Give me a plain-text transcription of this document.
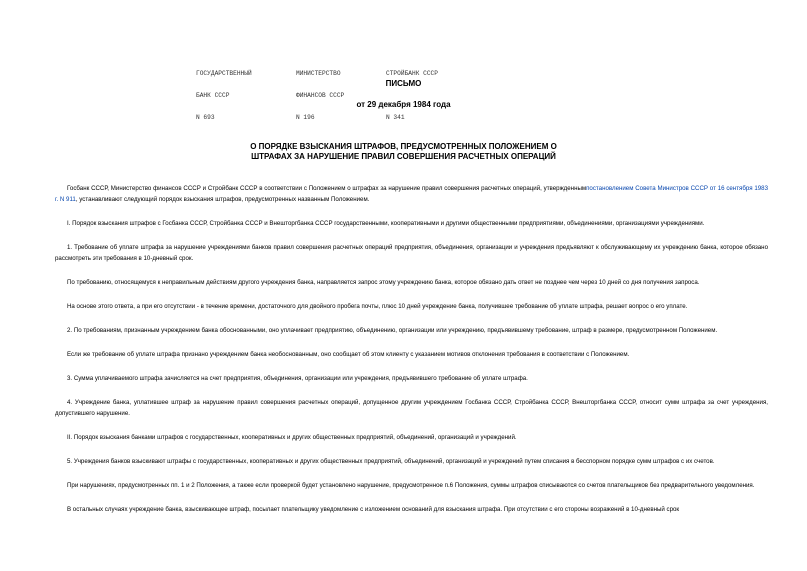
ГОСУДАРСТВЕННЫЙ

БАНК СССР

N 693

МИНИСТЕРСТВО

ФИНАНСОВ СССР

N 196

СТРОЙБАНК СССР

N 341

ПИСЬМО
от 29 декабря 1984 года
О ПОРЯДКЕ ВЗЫСКАНИЯ ШТРАФОВ, ПРЕДУСМОТРЕННЫХ ПОЛОЖЕНИЕМ О
ШТРАФАХ ЗА НАРУШЕНИЕ ПРАВИЛ СОВЕРШЕНИЯ РАСЧЕТНЫХ ОПЕРАЦИЙ

Госбанк СССР, Министерство финансов СССР и Стройбанк СССР в соответствии с Положением о штрафах за нарушение правил совершения расчетных операций, утвержденнымпостановлением Совета Министров СССР от 16 сентября 1983 г. N 911, устанавливают следующий порядок взыскания штрафов, предусмотренных названным Положением.

I. Порядок взыскания штрафов с Госбанка СССР, Стройбанка СССР и Внешторгбанка СССР государственными, кооперативными и другими общественными предприятиями, объединениями, организациями учреждениями.

1. Требование об уплате штрафа за нарушение учреждениями банков правил совершения расчетных операций предприятия, объединения, организации и учреждения предъявляют к обслуживающему их учреждению банка, которое обязано рассмотреть эти требования в 10-дневный срок.

По требованию, относящемуся к неправильным действиям другого учреждения банка, направляется запрос этому учреждению банка, которое обязано дать ответ не позднее чем через 10 дней со дня получения запроса.

На основе этого ответа, а при его отсутствии - в течение времени, достаточного для двойного пробега почты, плюс 10 дней учреждение банка, получившее требование об уплате штрафа, решает вопрос о его уплате.

2. По требованиям, признанным учреждением банка обоснованными, оно уплачивает предприятию, объединению, организации или учреждению, предъявившему требование, штраф в размере, предусмотренном Положением.

Если же требование об уплате штрафа признано учреждением банка необоснованным, оно сообщает об этом клиенту с указанием мотивов отклонения требования в соответствии с Положением.

3. Сумма уплачиваемого штрафа зачисляется на счет предприятия, объединения, организации или учреждения, предъявившего требование об уплате штрафа.

4. Учреждение банка, уплатившее штраф за нарушение правил совершения расчетных операций, допущенное другим учреждением Госбанка СССР, Стройбанка СССР, Внешторгбанка СССР, относит сумм штрафа за счет учреждения, допустившего нарушение.

II. Порядок взыскания банками штрафов с государственных, кооперативных и других общественных предприятий, объединений, организаций и учреждений.

5. Учреждения банков взыскивают штрафы с государственных, кооперативных и других общественных предприятий, объединений, организаций и учреждений путем списания в бесспорном порядке сумм штрафов с их счетов.

При нарушениях, предусмотренных пп. 1 и 2 Положения, а также если проверкой будет установлено нарушение, предусмотренное п.6 Положения, суммы штрафов списываются со счетов плательщиков без предварительного уведомления.

В остальных случаях учреждение банка, взыскивающее штраф, посылает плательщику уведомление с изложением оснований для взыскания штрафа. При отсутствии с его стороны возражений в 10-дневный срок
